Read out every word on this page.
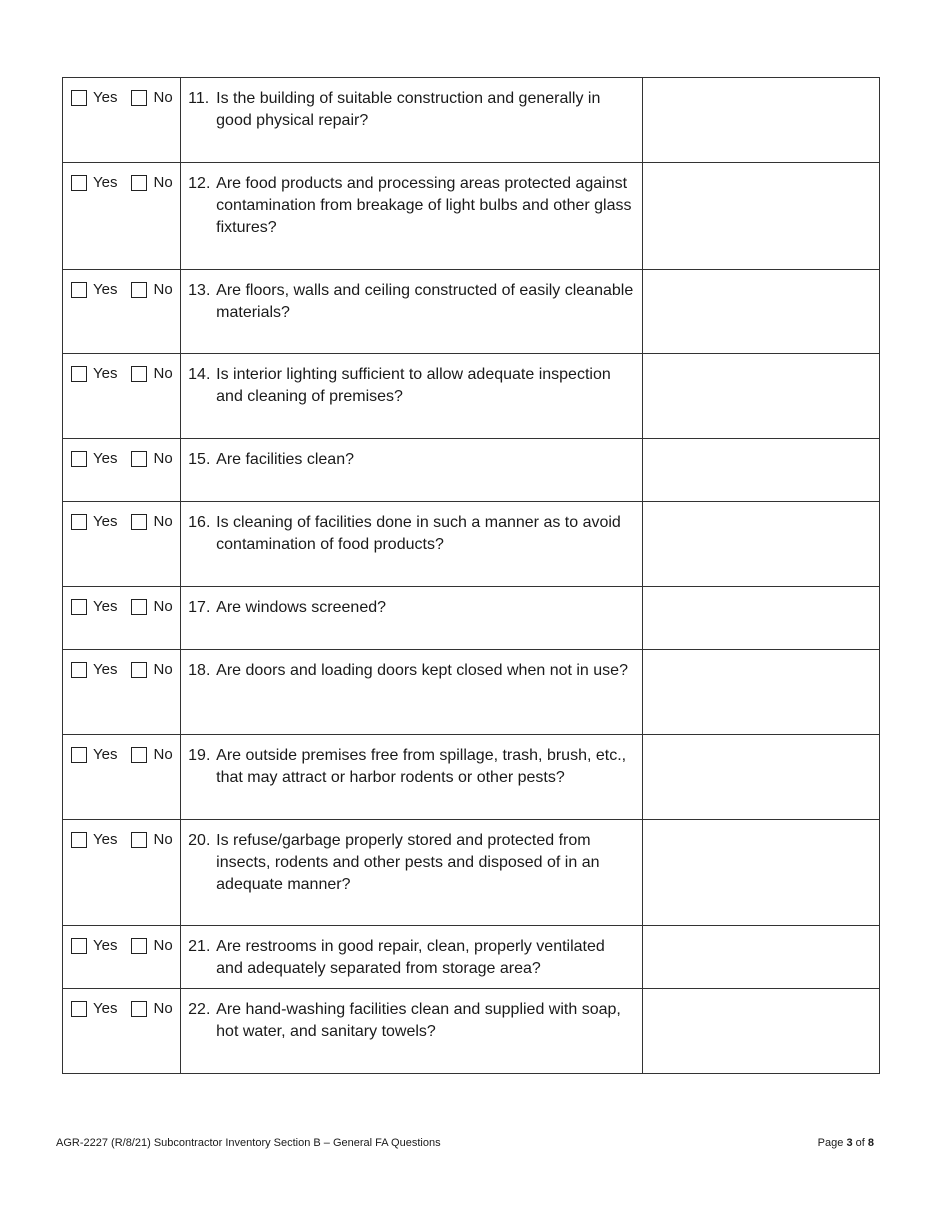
Yes No	11. Is the building of suitable construction and generally in good physical repair?	

Yes No	12. Are food products and processing areas protected against contamination from breakage of light bulbs and other glass fixtures?	

Yes No	13. Are floors, walls and ceiling constructed of easily cleanable materials?	

Yes No	14. Is interior lighting sufficient to allow adequate inspection and cleaning of premises?	

Yes No	15. Are facilities clean?	

Yes No	16. Is cleaning of facilities done in such a manner as to avoid contamination of food products?	

Yes No	17. Are windows screened?	

Yes No	18. Are doors and loading doors kept closed when not in use?	

Yes No	19. Are outside premises free from spillage, trash, brush, etc., that may attract or harbor rodents or other pests?	

Yes No	20. Is refuse/garbage properly stored and protected from insects, rodents and other pests and disposed of in an adequate manner?	

Yes No	21. Are restrooms in good repair, clean, properly ventilated and adequately separated from storage area?	

Yes No	22. Are hand-washing facilities clean and supplied with soap, hot water, and sanitary towels?	

AGR-2227 (R/8/21) Subcontractor Inventory Section B – General FA Questions	Page 3 of 8
